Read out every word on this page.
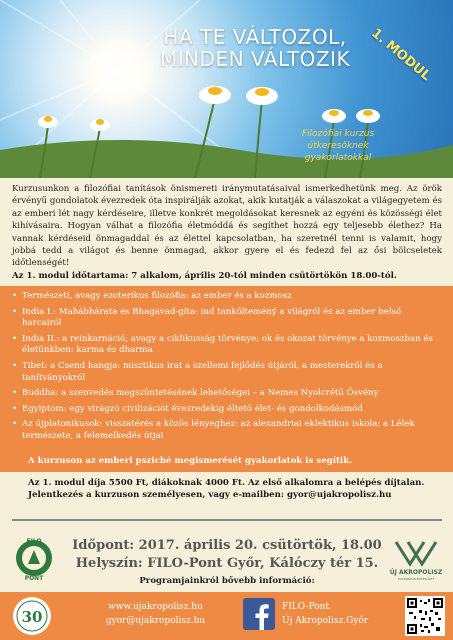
HA TE VÁLTOZOL,
MINDEN VÁLTOZIK	1. MODUL
Filozófiai kurzus
útkeresőknek
gyakorlatokkal

Kurzusunkon a filozófiai tanítások önismereti iránymutatásaival ismerkedhetünk meg. Az örök érvényű gondolatok évezredek óta inspirálják azokat, akik kutatják a válaszokat a világegyetem és az emberi lét nagy kérdéseire, illetve konkrét megoldásokat keresnek az egyéni és közösségi élet kihívásaira. Hogyan válhat a filozófia életmóddá és segíthet hozzá egy teljesebb élethez? Ha vannak kérdéseid önmagaddal és az élettel kapcsolatban, ha szeretnél tenni is valamit, hogy jobbá tedd a világot és benne önmagad, akkor gyere el és fedezd fel az ősi bölcseletek időtlenségét!

Az 1. modul időtartama: 7 alkalom, április 20-tól minden csütörtökön 18.00-tól.

• Természeti, avagy ezoterikus filozófia: az ember és a kozmosz
• India I.: Mahábhárata és Bhagavad-gíta: ind tankölteméný a világról és az ember belső harcairól
• India II.: a reinkarnáció, avagy a ciklikusság törvénye; ok és okozat törvénye a kozmoszban és életünkben: karma és dharma
• Tibet: a Csend hangja: misztikus irat a szellemi fejlődés útjáról, a mesterekről és a tanítványokról
• Buddha: a szenvedés megszüntetésének lehetőségei – a Nemes Nyolcrétű Ösvény
• Egyiptom: egy virágzó civilizációt évezredekig éltető élet- és gondolkodásmód
• Az újplatonikusok: visszatérés a közös lényeghez: az alexandriai eklektikus iskola; a Lélek természete, a felemelkedés útjai
A kurzuson az emberi psziché megismerését gyakorlatok is segítik.
Az 1. modul díja 5500 Ft, diákoknak 4000 Ft. Az első alkalomra a belépés díjtalan.
Jelentkezés a kurzuson személyesen, vagy e-mailben: gyor@ujakropolisz.hu
FILO
PONT
Időpont: 2017. április 20. csütörtök, 18.00
Helyszín: FILO-Pont Győr, Kálóczy tér 15.
Programjainkról bővebb információ:
ÚJ AKROPOLISZ
KULTURÁLIS EGYESÜLET
30
www.ujakropolisz.hu
gyor@ujakropolisz.hu
FILO-Pont.
Új Akropolisz.Győr
